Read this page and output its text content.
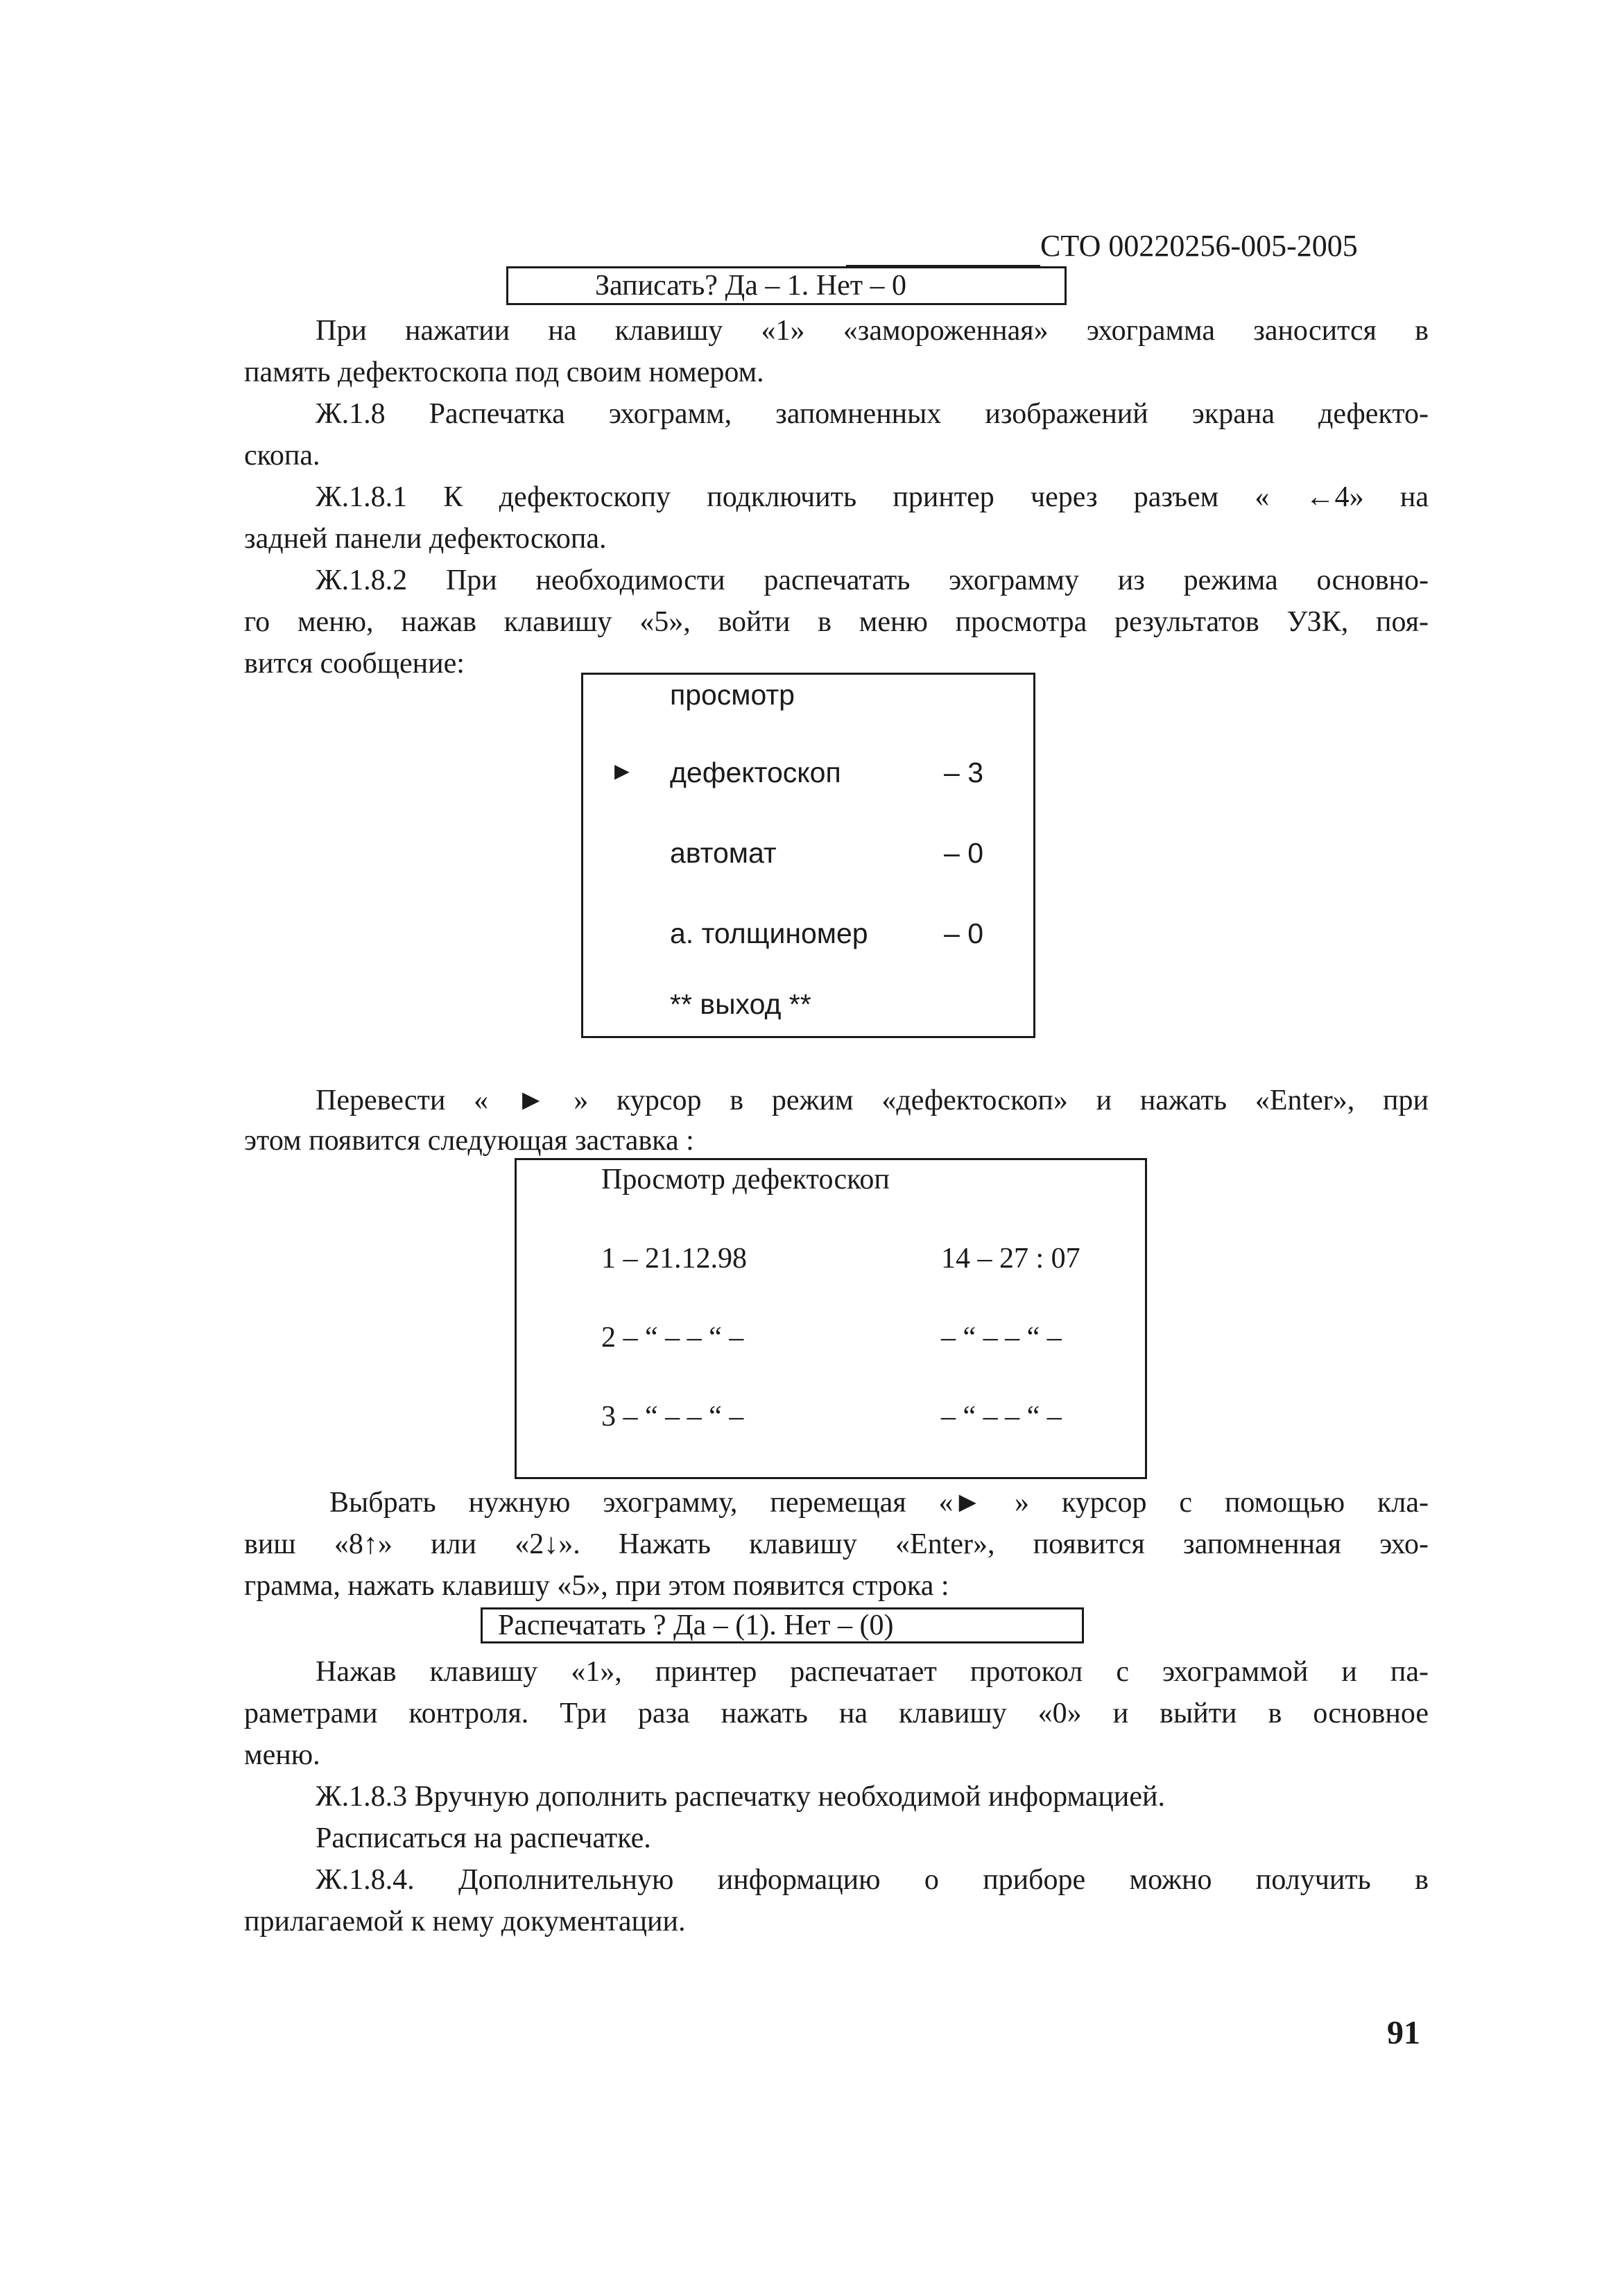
СТО 00220256-005-2005
Записать? Да – 1. Нет – 0
При нажатии на клавишу «1» «замороженная» эхограмма заносится в
память дефектоскопа под своим номером.
Ж.1.8 Распечатка эхограмм, запомненных изображений экрана дефекто-
скопа.
Ж.1.8.1 К дефектоскопу подключить принтер через разъем « ←4» на
задней панели дефектоскопа.
Ж.1.8.2 При необходимости распечатать эхограмму из режима основно-
го меню, нажав клавишу «5», войти в меню просмотра результатов УЗК, поя-
вится сообщение:
просмотр
► дефектоскоп	– 3
автомат	– 0
а. толщиномер	– 0
** выход **
Перевести « ► » курсор в режим «дефектоскоп» и нажать «Enter», при
этом появится следующая заставка :
Просмотр дефектоскоп
1 – 21.12.98	14 – 27 : 07
2 – “ – – “ –	– “ – – “ –
3 – “ – – “ –	– “ – – “ –
Выбрать нужную эхограмму, перемещая «► » курсор с помощью кла-
виш «8↑» или «2↓». Нажать клавишу «Enter», появится запомненная эхо-
грамма, нажать клавишу «5», при этом появится строка :
Распечатать ? Да – (1). Нет – (0)
Нажав клавишу «1», принтер распечатает протокол с эхограммой и па-
раметрами контроля. Три раза нажать на клавишу «0» и выйти в основное
меню.
Ж.1.8.3 Вручную дополнить распечатку необходимой информацией.
Расписаться на распечатке.
Ж.1.8.4. Дополнительную информацию о приборе можно получить в
прилагаемой к нему документации.
91
